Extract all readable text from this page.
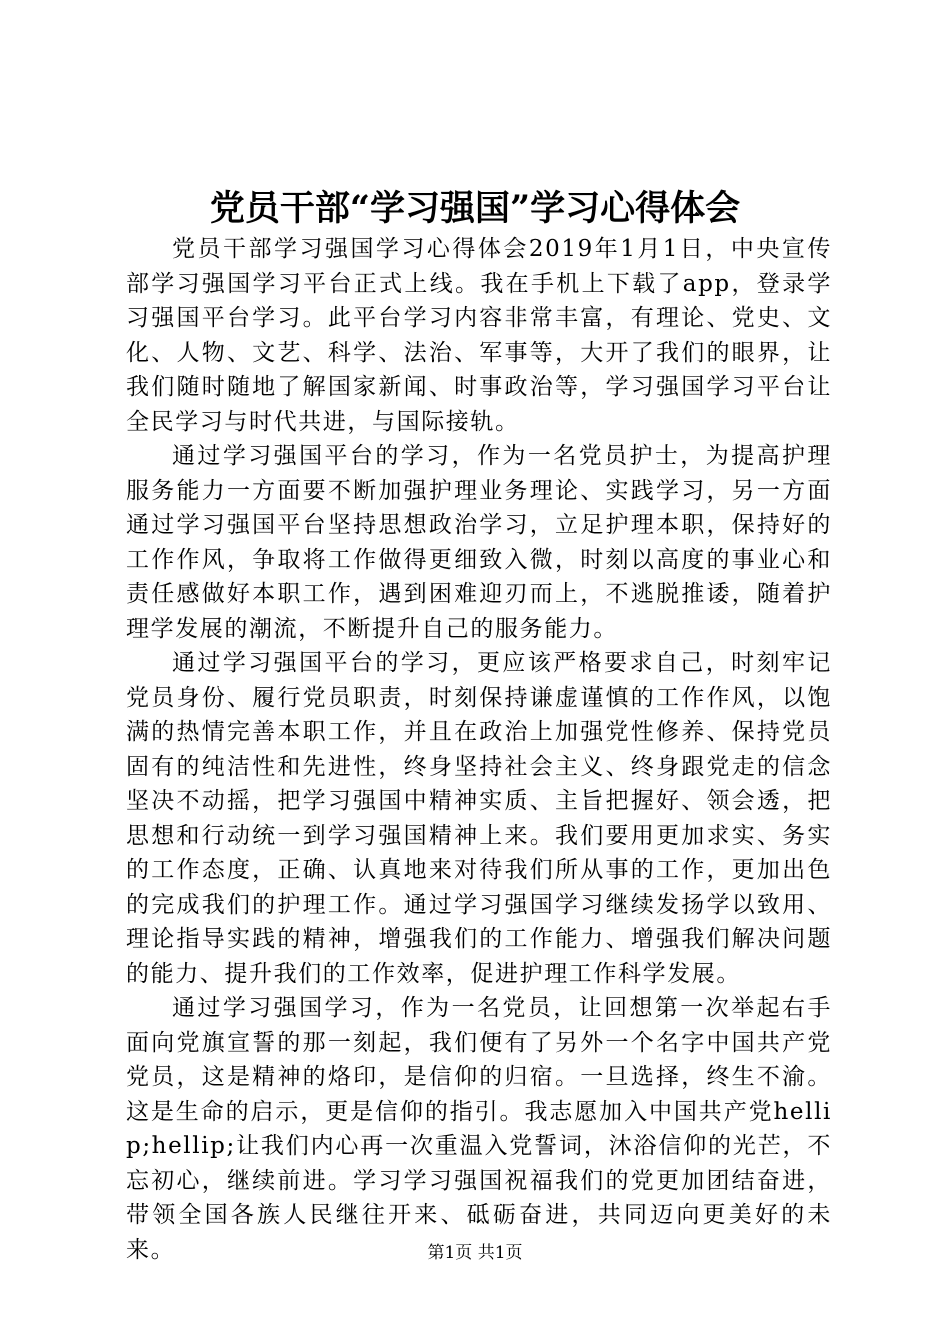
党员干部“学习强国”学习心得体会

党员干部学习强国学习心得体会2019年1月1日，中央宣传部学习强国学习平台正式上线。我在手机上下载了app，登录学习强国平台学习。此平台学习内容非常丰富，有理论、党史、文化、人物、文艺、科学、法治、军事等，大开了我们的眼界，让我们随时随地了解国家新闻、时事政治等，学习强国学习平台让全民学习与时代共进，与国际接轨。

通过学习强国平台的学习，作为一名党员护士，为提高护理服务能力一方面要不断加强护理业务理论、实践学习，另一方面通过学习强国平台坚持思想政治学习，立足护理本职，保持好的工作作风，争取将工作做得更细致入微，时刻以高度的事业心和责任感做好本职工作，遇到困难迎刃而上，不逃脱推诿，随着护理学发展的潮流，不断提升自己的服务能力。

通过学习强国平台的学习，更应该严格要求自己，时刻牢记党员身份、履行党员职责，时刻保持谦虚谨慎的工作作风，以饱满的热情完善本职工作，并且在政治上加强党性修养、保持党员固有的纯洁性和先进性，终身坚持社会主义、终身跟党走的信念坚决不动摇，把学习强国中精神实质、主旨把握好、领会透，把思想和行动统一到学习强国精神上来。我们要用更加求实、务实的工作态度，正确、认真地来对待我们所从事的工作，更加出色的完成我们的护理工作。通过学习强国学习继续发扬学以致用、理论指导实践的精神，增强我们的工作能力、增强我们解决问题的能力、提升我们的工作效率，促进护理工作科学发展。

通过学习强国学习，作为一名党员，让回想第一次举起右手面向党旗宣誓的那一刻起，我们便有了另外一个名字中国共产党党员，这是精神的烙印，是信仰的归宿。一旦选择，终生不渝。这是生命的启示，更是信仰的指引。我志愿加入中国共产党hellip;hellip;让我们内心再一次重温入党誓词，沐浴信仰的光芒，不忘初心，继续前进。学习学习强国祝福我们的党更加团结奋进，带领全国各族人民继往开来、砥砺奋进，共同迈向更美好的未来。	第1页 共1页
